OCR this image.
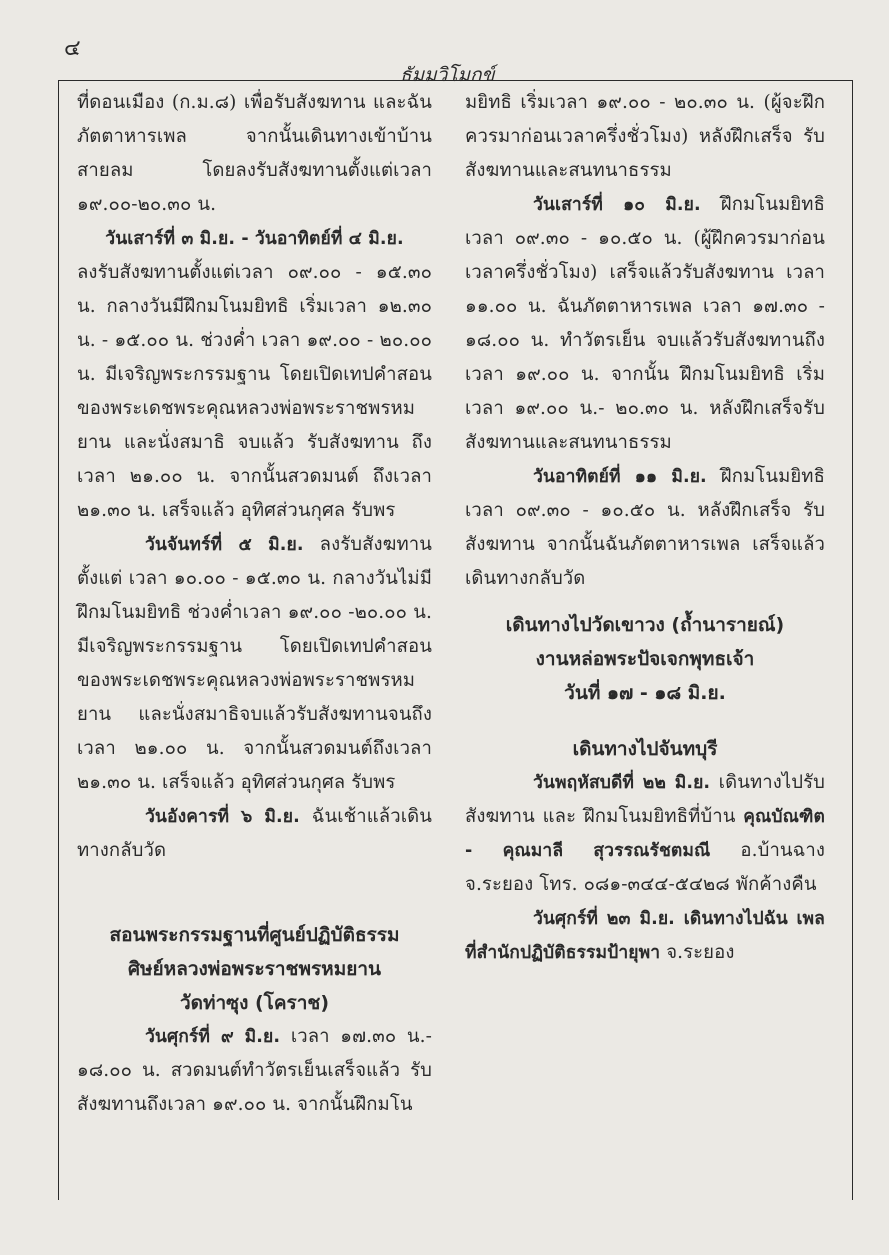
๔
ธัมมวิโมกข์

ที่ดอนเมือง (ก.ม.๘) เพื่อรับสังฆทาน และฉันภัตตาหารเพล จากนั้นเดินทางเข้าบ้านสายลม โดยลงรับสังฆทานตั้งแต่เวลา ๑๙.๐๐-๒๐.๓๐ น.

วันเสาร์ที่ ๓ มิ.ย. - วันอาทิตย์ที่ ๔ มิ.ย.

ลงรับสังฆทานตั้งแต่เวลา ๐๙.๐๐ - ๑๕.๓๐ น. กลางวันมีฝึกมโนมยิทธิ เริ่มเวลา ๑๒.๓๐ น. - ๑๕.๐๐ น. ช่วงค่ำ เวลา ๑๙.๐๐ - ๒๐.๐๐ น. มีเจริญพระกรรมฐาน โดยเปิดเทปคำสอนของพระเดชพระคุณหลวงพ่อพระราชพรหมยาน และนั่งสมาธิ จบแล้ว รับสังฆทาน ถึงเวลา ๒๑.๐๐ น. จากนั้นสวดมนต์ ถึงเวลา ๒๑.๓๐ น. เสร็จแล้ว อุทิศส่วนกุศล รับพร

วันจันทร์ที่ ๕ มิ.ย. ลงรับสังฆทานตั้งแต่ เวลา ๑๐.๐๐ - ๑๕.๓๐ น. กลางวันไม่มีฝึกมโนมยิทธิ ช่วงค่ำเวลา ๑๙.๐๐ -๒๐.๐๐ น. มีเจริญพระกรรมฐาน โดยเปิดเทปคำสอนของพระเดชพระคุณหลวงพ่อพระราชพรหมยาน และนั่งสมาธิจบแล้วรับสังฆทานจนถึง เวลา ๒๑.๐๐ น. จากนั้นสวดมนต์ถึงเวลา ๒๑.๓๐ น. เสร็จแล้ว อุทิศส่วนกุศล รับพร

วันอังคารที่ ๖ มิ.ย. ฉันเช้าแล้วเดินทางกลับวัด

สอนพระกรรมฐานที่ศูนย์ปฏิบัติธรรม

ศิษย์หลวงพ่อพระราชพรหมยาน

วัดท่าซุง (โคราช)

วันศุกร์ที่ ๙ มิ.ย. เวลา ๑๗.๓๐ น.- ๑๘.๐๐ น. สวดมนต์ทำวัตรเย็นเสร็จแล้ว รับสังฆทานถึงเวลา ๑๙.๐๐ น. จากนั้นฝึกมโน

มยิทธิ เริ่มเวลา ๑๙.๐๐ - ๒๐.๓๐ น. (ผู้จะฝึกควรมาก่อนเวลาครึ่งชั่วโมง) หลังฝึกเสร็จ รับสังฆทานและสนทนาธรรม

วันเสาร์ที่ ๑๐ มิ.ย. ฝึกมโนมยิทธิ เวลา ๐๙.๓๐ - ๑๐.๕๐ น. (ผู้ฝึกควรมาก่อนเวลาครึ่งชั่วโมง) เสร็จแล้วรับสังฆทาน เวลา ๑๑.๐๐ น. ฉันภัตตาหารเพล เวลา ๑๗.๓๐ - ๑๘.๐๐ น. ทำวัตรเย็น จบแล้วรับสังฆทานถึงเวลา ๑๙.๐๐ น. จากนั้น ฝึกมโนมยิทธิ เริ่มเวลา ๑๙.๐๐ น.- ๒๐.๓๐ น. หลังฝึกเสร็จรับสังฆทานและสนทนาธรรม

วันอาทิตย์ที่ ๑๑ มิ.ย. ฝึกมโนมยิทธิ เวลา ๐๙.๓๐ - ๑๐.๕๐ น. หลังฝึกเสร็จ รับสังฆทาน จากนั้นฉันภัตตาหารเพล เสร็จแล้วเดินทางกลับวัด

เดินทางไปวัดเขาวง (ถ้ำนารายณ์)

งานหล่อพระปัจเจกพุทธเจ้า

วันที่ ๑๗ - ๑๘ มิ.ย.

เดินทางไปจันทบุรี

วันพฤหัสบดีที่ ๒๒ มิ.ย. เดินทางไปรับสังฆทาน และ ฝึกมโนมยิทธิที่บ้าน คุณบัณฑิต - คุณมาลี สุวรรณรัชตมณี อ.บ้านฉาง จ.ระยอง โทร. ๐๘๑-๓๔๔-๕๔๒๘ พักค้างคืน

วันศุกร์ที่ ๒๓ มิ.ย. เดินทางไปฉัน เพลที่สำนักปฏิบัติธรรมป้ายุพา จ.ระยอง
